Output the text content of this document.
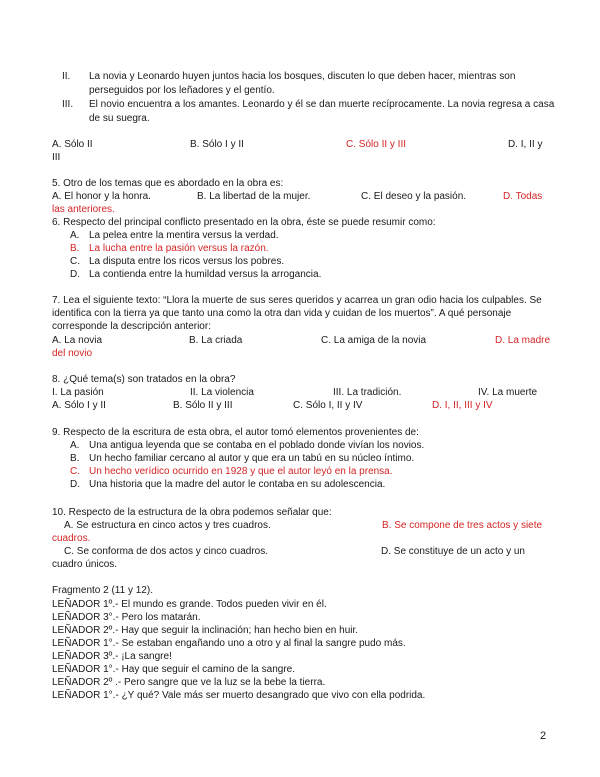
II. La novia y Leonardo huyen juntos hacia los bosques, discuten lo que deben hacer, mientras son
perseguidos por los leñadores y el gentío.
III. El novio encuentra a los amantes. Leonardo y él se dan muerte recíprocamente. La novia regresa a casa
de su suegra.
A. Sólo II	B. Sólo I y II	C. Sólo II y III	D. I, II y
III
5. Otro de los temas que es abordado en la obra es:
A. El honor y la honra.	B. La libertad de la mujer.	C. El deseo y la pasión.	D. Todas
las anteriores.
6. Respecto del principal conflicto presentado en la obra, éste se puede resumir como:
A. La pelea entre la mentira versus la verdad.
B. La lucha entre la pasión versus la razón.
C. La disputa entre los ricos versus los pobres.
D. La contienda entre la humildad versus la arrogancia.
7. Lea el siguiente texto: “Llora la muerte de sus seres queridos y acarrea un gran odio hacia los culpables. Se
identifica con la tierra ya que tanto una como la otra dan vida y cuidan de los muertos”. A qué personaje
corresponde la descripción anterior:
A. La novia	B. La criada	C. La amiga de la novia	D. La madre
del novio
8. ¿Qué tema(s) son tratados en la obra?
I. La pasión	II. La violencia	III. La tradición.	IV. La muerte
A. Sólo I y II	B. Sólo II y III	C. Sólo I, II y IV	D. I, II, III y IV
9. Respecto de la escritura de esta obra, el autor tomó elementos provenientes de:
A. Una antigua leyenda que se contaba en el poblado donde vivían los novios.
B. Un hecho familiar cercano al autor y que era un tabú en su núcleo íntimo.
C. Un hecho verídico ocurrido en 1928 y que el autor leyó en la prensa.
D. Una historia que la madre del autor le contaba en su adolescencia.
10. Respecto de la estructura de la obra podemos señalar que:
A. Se estructura en cinco actos y tres cuadros.	B. Se compone de tres actos y siete
cuadros.
C. Se conforma de dos actos y cinco cuadros.	D. Se constituye de un acto y un
cuadro únicos.
Fragmento 2 (11 y 12).
LEÑADOR 1º.- El mundo es grande. Todos pueden vivir en él.
LEÑADOR 3°.- Pero los matarán.
LEÑADOR 2º.- Hay que seguir la inclinación; han hecho bien en huir.
LEÑADOR 1°.- Se estaban engañando uno a otro y al final la sangre pudo más.
LEÑADOR 3º.- ¡La sangre!
LEÑADOR 1°.- Hay que seguir el camino de la sangre.
LEÑADOR 2º .- Pero sangre que ve la luz se la bebe la tierra.
LEÑADOR 1°.- ¿Y qué? Vale más ser muerto desangrado que vivo con ella podrida.
2
